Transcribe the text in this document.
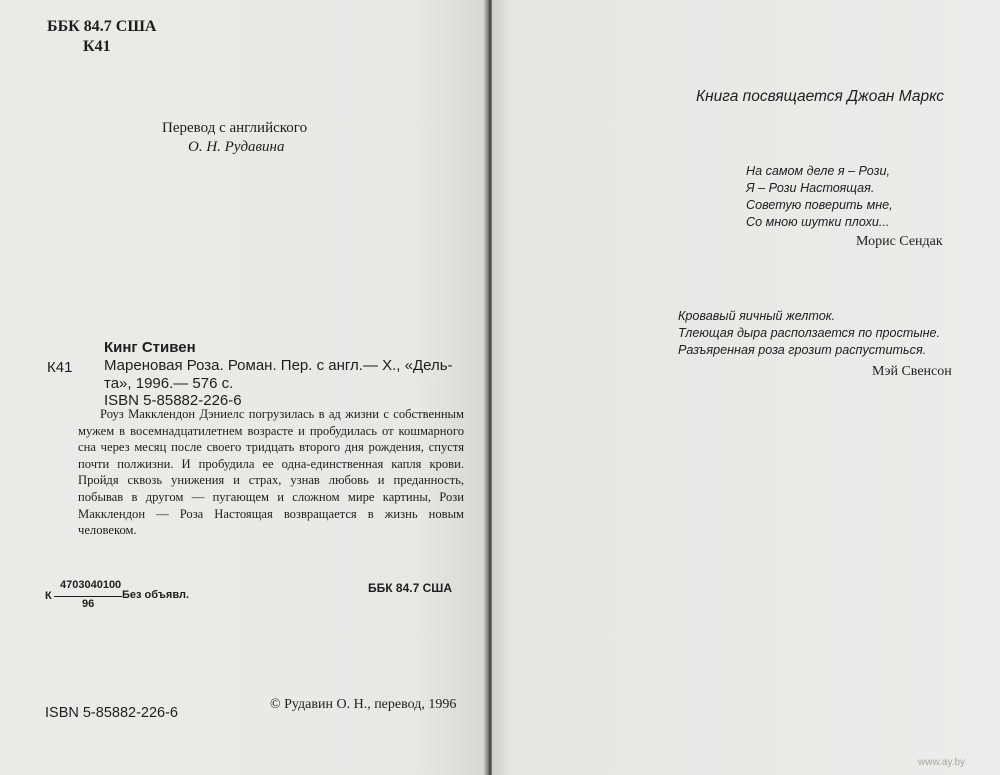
ББК 84.7 США
К41
Перевод с английского
О. Н. Рудавина
Кинг Стивен
К41 Мареновая Роза. Роман. Пер. с англ.— Х., «Дель-
та», 1996.— 576 с.
ISBN 5-85882-226-6

Роуз Макклендон Дэниелс погрузилась в ад жизни с собственным мужем в восемнадцатилетнем возрасте и пробудилась от кошмарного сна через месяц после своего тридцать второго дня рождения, спустя почти полжизни. И пробудила ее одна-единственная капля крови. Пройдя сквозь унижения и страх, узнав любовь и преданность, побывав в другом — пугающем и сложном мире картины, Рози Макклендон — Роза Настоящая возвращается в жизнь новым человеком.

4703040100
К
96
Без объявл.	ББК 84.7 США
ISBN 5-85882-226-6
© Рудавин О. Н., перевод, 1996
Книга посвящается Джоан Маркс
На самом деле я – Рози,
Я – Рози Настоящая.
Советую поверить мне,
Со мною шутки плохи...
Морис Сендак
Кровавый яичный желток.
Тлеющая дыра расползается по простыне.
Разъяренная роза грозит распуститься.
Мэй Свенсон
www.ay.by
